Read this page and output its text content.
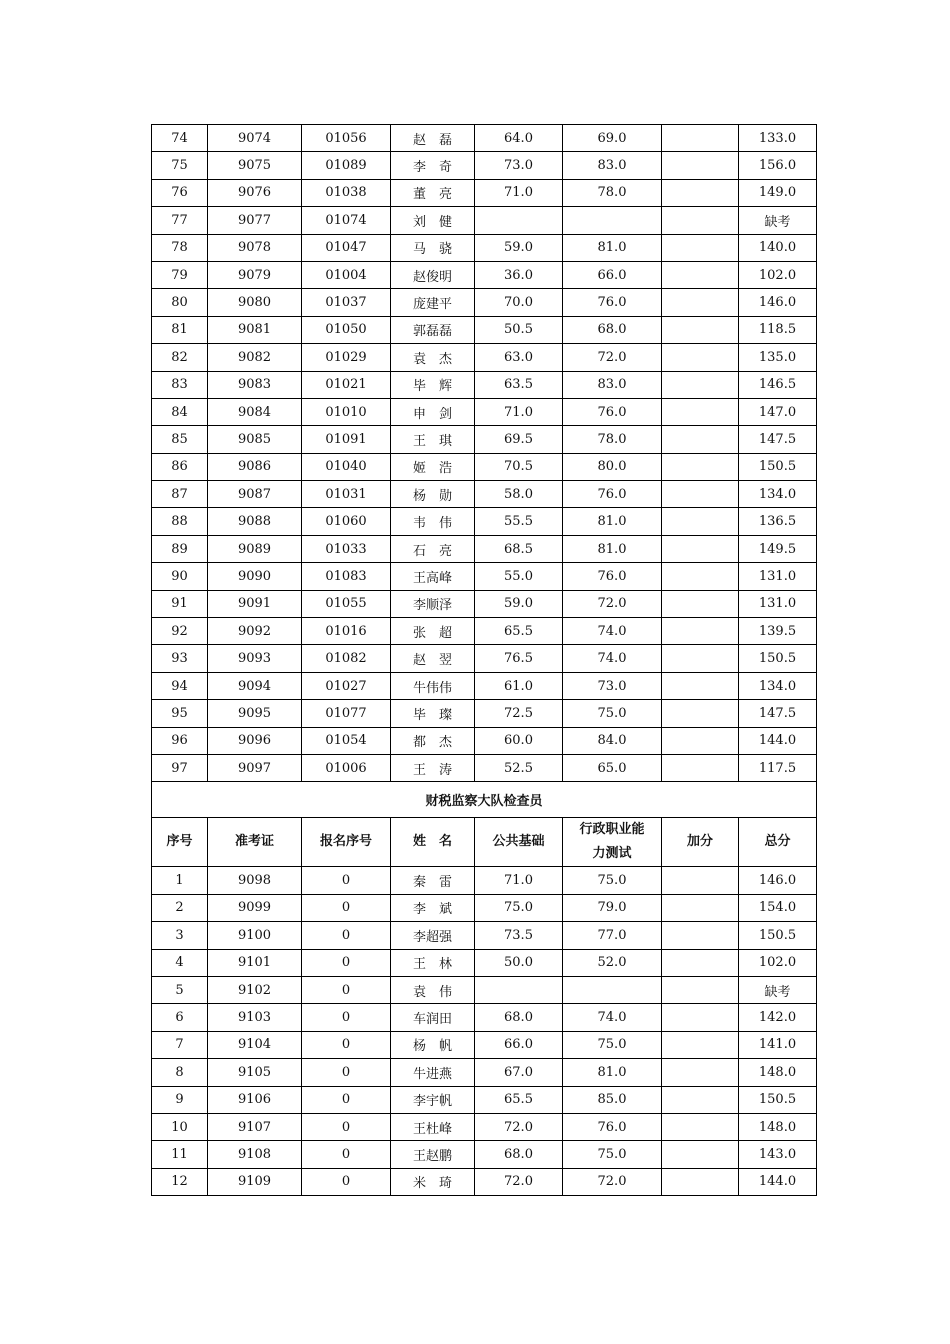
74	9074	01056	赵　磊	64.0	69.0		133.0
75	9075	01089	李　奇	73.0	83.0		156.0
76	9076	01038	董　亮	71.0	78.0		149.0
77	9077	01074	刘　健				缺考
78	9078	01047	马　骁	59.0	81.0		140.0
79	9079	01004	赵俊明	36.0	66.0		102.0
80	9080	01037	庞建平	70.0	76.0		146.0
81	9081	01050	郭磊磊	50.5	68.0		118.5
82	9082	01029	袁　杰	63.0	72.0		135.0
83	9083	01021	毕　辉	63.5	83.0		146.5
84	9084	01010	申　剑	71.0	76.0		147.0
85	9085	01091	王　琪	69.5	78.0		147.5
86	9086	01040	姬　浩	70.5	80.0		150.5
87	9087	01031	杨　勋	58.0	76.0		134.0
88	9088	01060	韦　伟	55.5	81.0		136.5
89	9089	01033	石　亮	68.5	81.0		149.5
90	9090	01083	王高峰	55.0	76.0		131.0
91	9091	01055	李顺泽	59.0	72.0		131.0
92	9092	01016	张　超	65.5	74.0		139.5
93	9093	01082	赵　翌	76.5	74.0		150.5
94	9094	01027	牛伟伟	61.0	73.0		134.0
95	9095	01077	毕　璨	72.5	75.0		147.5
96	9096	01054	都　杰	60.0	84.0		144.0
97	9097	01006	王　涛	52.5	65.0		117.5
财税监察大队检查员							
序号	准考证	报名序号	姓　名	公共基础	行政职业能力测试	加分	总分
1	9098	0	秦　雷	71.0	75.0		146.0
2	9099	0	李　斌	75.0	79.0		154.0
3	9100	0	李超强	73.5	77.0		150.5
4	9101	0	王　林	50.0	52.0		102.0
5	9102	0	袁　伟				缺考
6	9103	0	车润田	68.0	74.0		142.0
7	9104	0	杨　帆	66.0	75.0		141.0
8	9105	0	牛进燕	67.0	81.0		148.0
9	9106	0	李宇帆	65.5	85.0		150.5
10	9107	0	王杜峰	72.0	76.0		148.0
11	9108	0	王赵鹏	68.0	75.0		143.0
12	9109	0	米　琦	72.0	72.0		144.0
